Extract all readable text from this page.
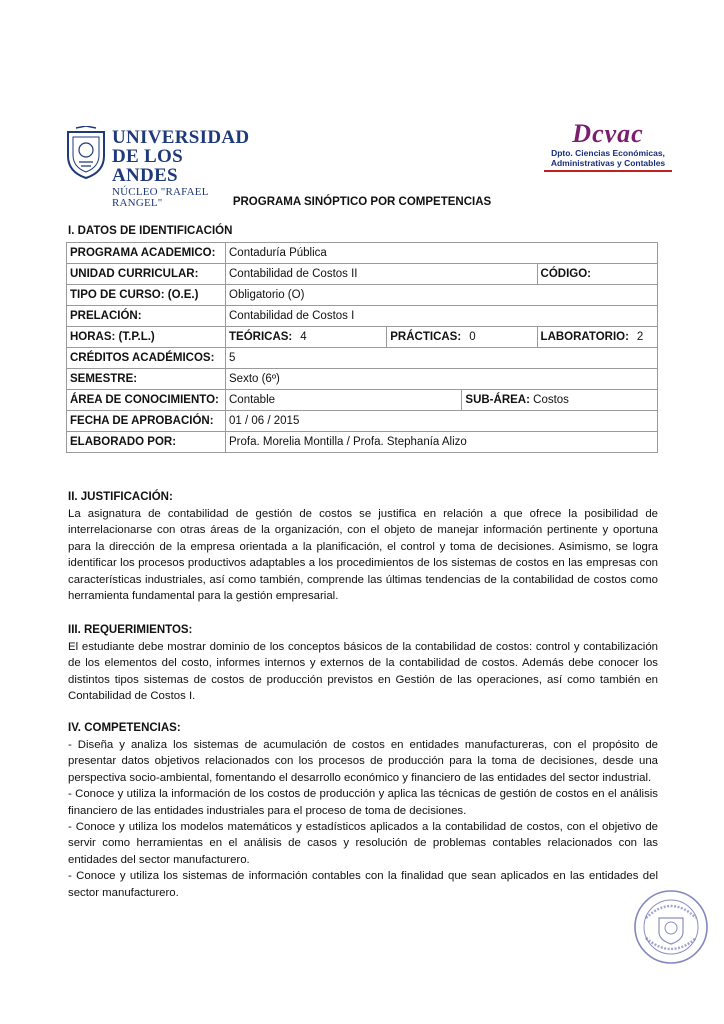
UNIVERSIDAD
DE LOS ANDES
NÚCLEO "RAFAEL RANGEL"
Dcvac
Dpto. Ciencias Económicas,
Administrativas y Contables
PROGRAMA SINÓPTICO POR COMPETENCIAS
I. DATOS DE IDENTIFICACIÓN
PROGRAMA ACADEMICO:	Contaduría Pública			
UNIDAD CURRICULAR:	Contabilidad de Costos II			CÓDIGO:
TIPO DE CURSO: (O.E.)	Obligatorio (O)			
PRELACIÓN:	Contabilidad de Costos I			
HORAS: (T.P.L.)	TEÓRICAS: 4	PRÁCTICAS: 0		LABORATORIO: 2
CRÉDITOS ACADÉMICOS:	5			
SEMESTRE:	Sexto (6º)			
ÁREA DE CONOCIMIENTO:	Contable		SUB-ÁREA: Costos	
FECHA DE APROBACIÓN:	01 / 06 / 2015			
ELABORADO POR:	Profa. Morelia Montilla / Profa. Stephanía Alizo			
II. JUSTIFICACIÓN:

La asignatura de contabilidad de gestión de costos se justifica en relación a que ofrece la posibilidad de interrelacionarse con otras áreas de la organización, con el objeto de manejar información pertinente y oportuna para la dirección de la empresa orientada a la planificación, el control y toma de decisiones. Asimismo, se logra identificar los procesos productivos adaptables a los procedimientos de los sistemas de costos en las empresas con características industriales, así como también, comprende las últimas tendencias de la contabilidad de costos como herramienta fundamental para la gestión empresarial.

III. REQUERIMIENTOS:

El estudiante debe mostrar dominio de los conceptos básicos de la contabilidad de costos: control y contabilización de los elementos del costo, informes internos y externos de la contabilidad de costos. Además debe conocer los distintos tipos sistemas de costos de producción previstos en Gestión de las operaciones, así como también en Contabilidad de Costos I.

IV. COMPETENCIAS:

- Diseña y analiza los sistemas de acumulación de costos en entidades manufactureras, con el propósito de presentar datos objetivos relacionados con los procesos de producción para la toma de decisiones, desde una perspectiva socio-ambiental, fomentando el desarrollo económico y financiero de las entidades del sector industrial.

- Conoce y utiliza la información de los costos de producción y aplica las técnicas de gestión de costos en el análisis financiero de las entidades industriales para el proceso de toma de decisiones.

- Conoce y utiliza los modelos matemáticos y estadísticos aplicados a la contabilidad de costos, con el objetivo de servir como herramientas en el análisis de casos y resolución de problemas contables relacionados con las entidades del sector manufacturero.

- Conoce y utiliza los sistemas de información contables con la finalidad que sean aplicados en las entidades del sector manufacturero.
